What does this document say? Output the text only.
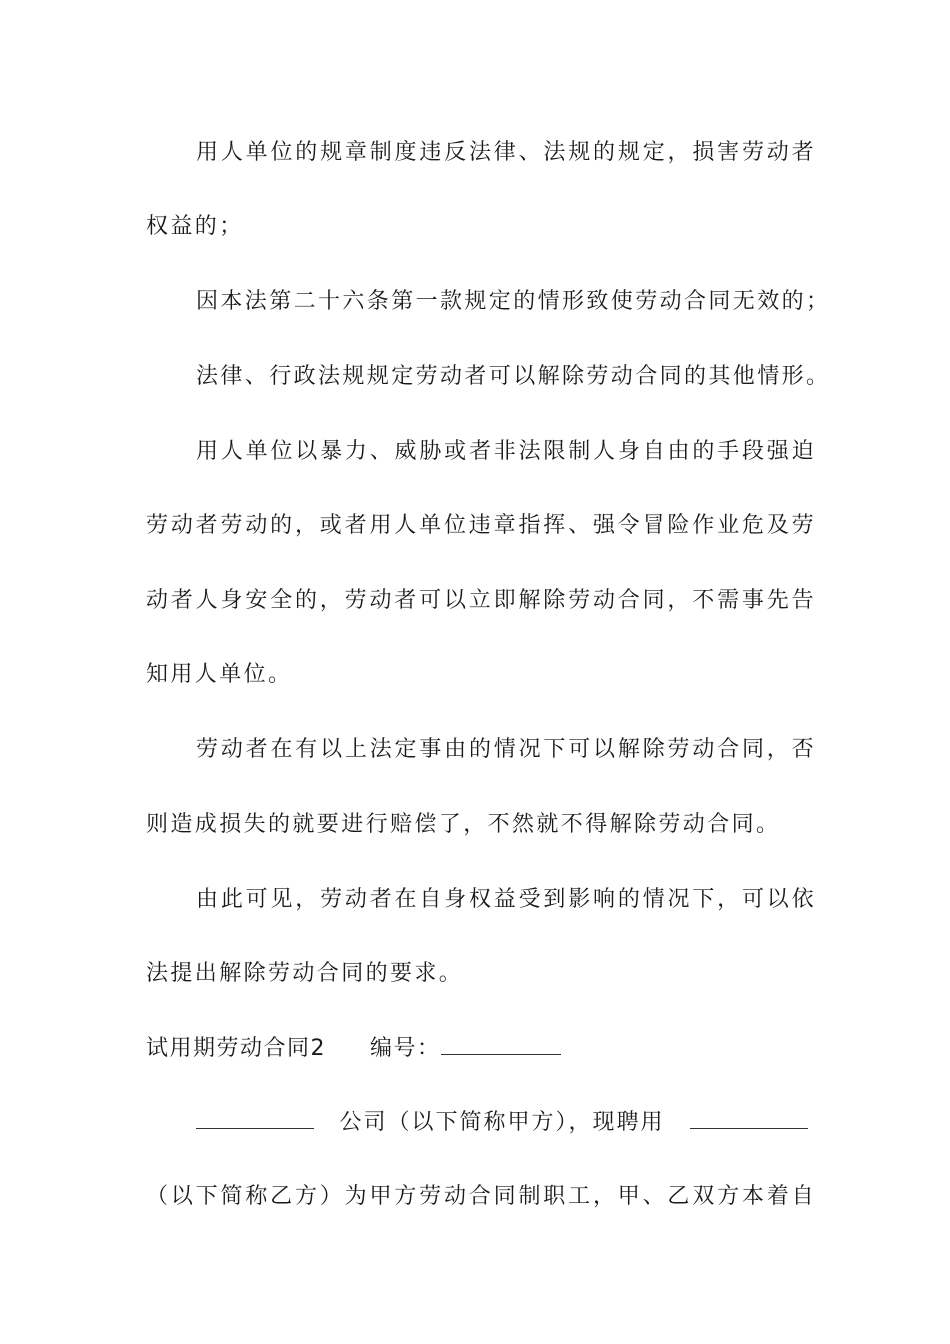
用人单位的规章制度违反法律、法规的规定，损害劳动者
权益的；
因本法第二十六条第一款规定的情形致使劳动合同无效的；
法律、行政法规规定劳动者可以解除劳动合同的其他情形。
用人单位以暴力、威胁或者非法限制人身自由的手段强迫
劳动者劳动的，或者用人单位违章指挥、强令冒险作业危及劳
动者人身安全的，劳动者可以立即解除劳动合同，不需事先告
知用人单位。
劳动者在有以上法定事由的情况下可以解除劳动合同，否
则造成损失的就要进行赔偿了，不然就不得解除劳动合同。
由此可见，劳动者在自身权益受到影响的情况下，可以依
法提出解除劳动合同的要求。
试用期劳动合同2 编号：
公司（以下简称甲方），现聘用
（以下简称乙方）为甲方劳动合同制职工，甲、乙双方本着自
